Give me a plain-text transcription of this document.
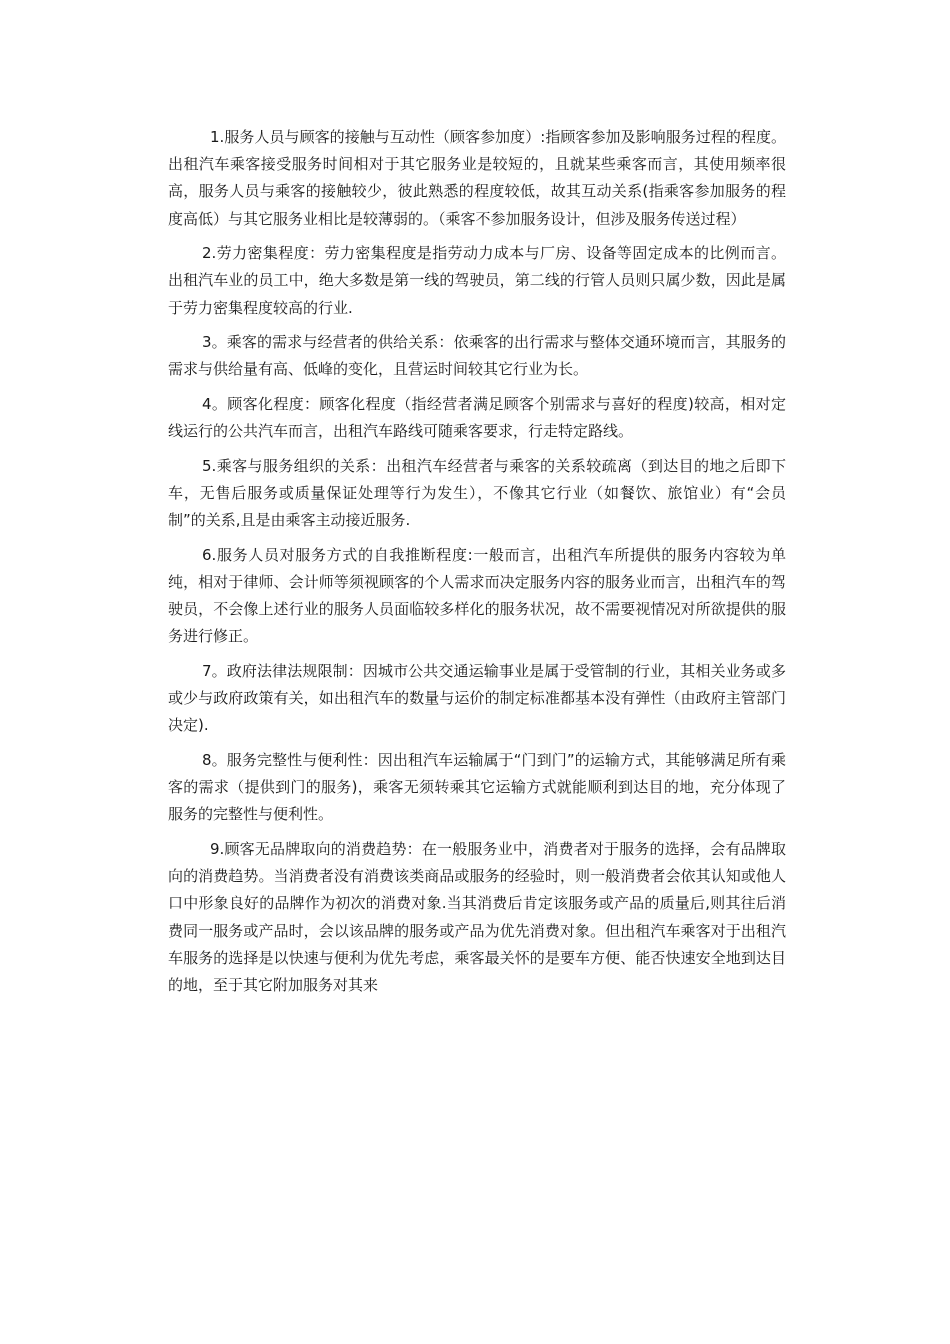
1.服务人员与顾客的接触与互动性（顾客参加度）:指顾客参加及影响服务过程的程度。出租汽车乘客接受服务时间相对于其它服务业是较短的，且就某些乘客而言，其使用频率很高，服务人员与乘客的接触较少，彼此熟悉的程度较低，故其互动关系(指乘客参加服务的程度高低）与其它服务业相比是较薄弱的。（乘客不参加服务设计，但涉及服务传送过程）

2.劳力密集程度：劳力密集程度是指劳动力成本与厂房、设备等固定成本的比例而言。出租汽车业的员工中，绝大多数是第一线的驾驶员，第二线的行管人员则只属少数，因此是属于劳力密集程度较高的行业.

3。乘客的需求与经营者的供给关系：依乘客的出行需求与整体交通环境而言，其服务的需求与供给量有高、低峰的变化，且营运时间较其它行业为长。

4。顾客化程度：顾客化程度（指经营者满足顾客个别需求与喜好的程度)较高，相对定线运行的公共汽车而言，出租汽车路线可随乘客要求，行走特定路线。

5.乘客与服务组织的关系：出租汽车经营者与乘客的关系较疏离（到达目的地之后即下车，无售后服务或质量保证处理等行为发生），不像其它行业（如餐饮、旅馆业）有“会员制”的关系,且是由乘客主动接近服务.

6.服务人员对服务方式的自我推断程度:一般而言，出租汽车所提供的服务内容较为单纯，相对于律师、会计师等须视顾客的个人需求而决定服务内容的服务业而言，出租汽车的驾驶员，不会像上述行业的服务人员面临较多样化的服务状况，故不需要视情况对所欲提供的服务进行修正。

7。政府法律法规限制：因城市公共交通运输事业是属于受管制的行业，其相关业务或多或少与政府政策有关，如出租汽车的数量与运价的制定标准都基本没有弹性（由政府主管部门决定).

8。服务完整性与便利性：因出租汽车运输属于“门到门”的运输方式，其能够满足所有乘客的需求（提供到门的服务)，乘客无须转乘其它运输方式就能顺利到达目的地，充分体现了服务的完整性与便利性。

9.顾客无品牌取向的消费趋势：在一般服务业中，消费者对于服务的选择，会有品牌取向的消费趋势。当消费者没有消费该类商品或服务的经验时，则一般消费者会依其认知或他人口中形象良好的品牌作为初次的消费对象.当其消费后肯定该服务或产品的质量后,则其往后消费同一服务或产品时，会以该品牌的服务或产品为优先消费对象。但出租汽车乘客对于出租汽车服务的选择是以快速与便利为优先考虑，乘客最关怀的是要车方便、能否快速安全地到达目的地，至于其它附加服务对其来
